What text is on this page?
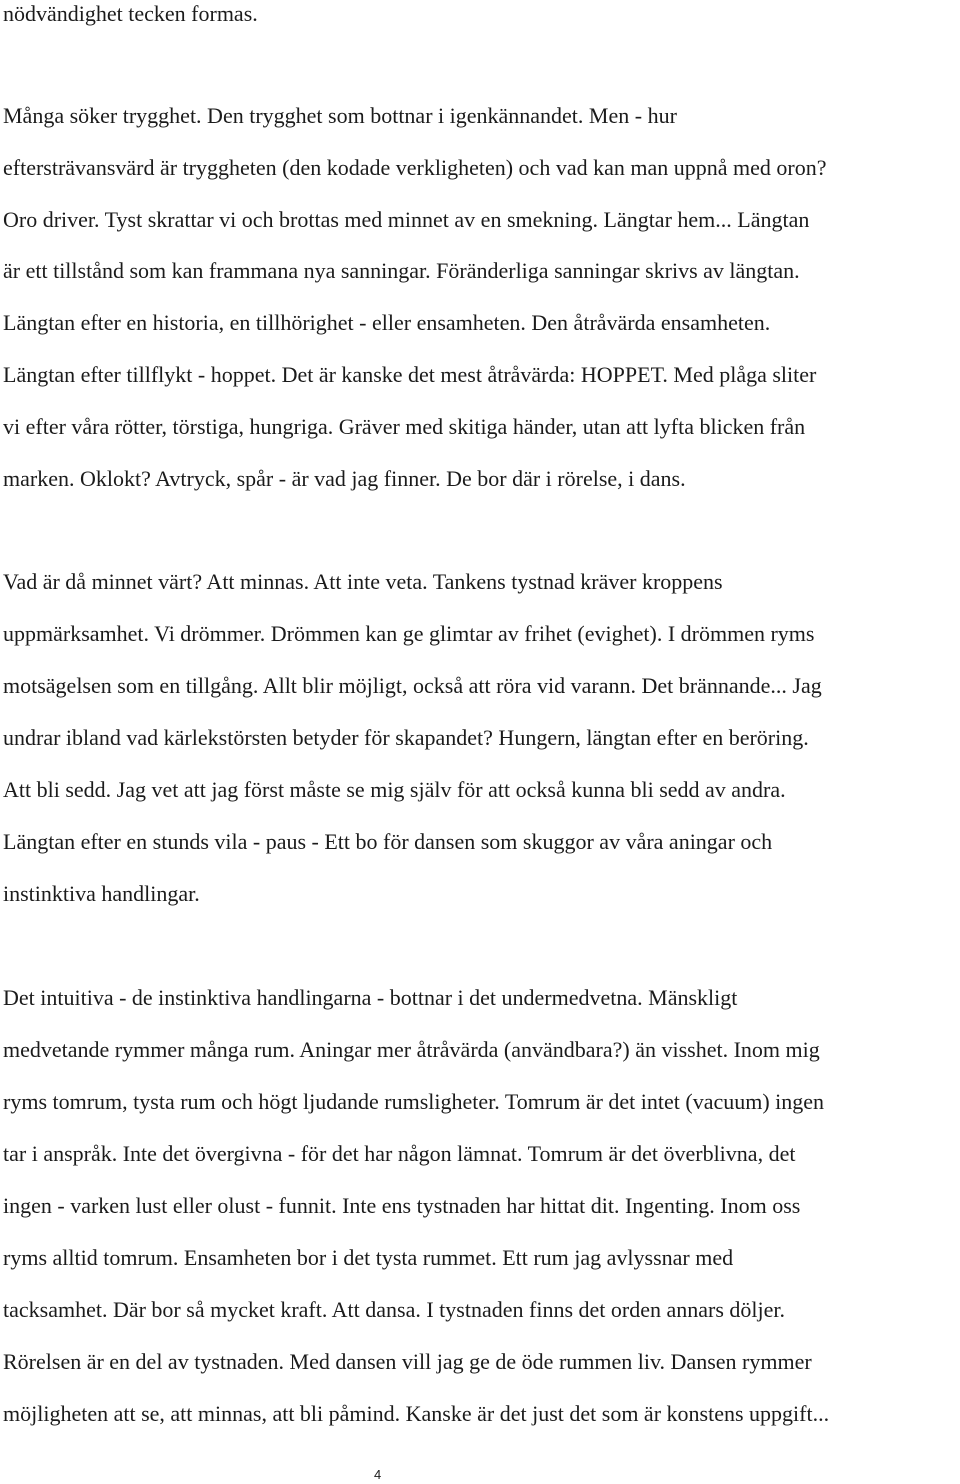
nödvändighet tecken formas.
Många söker trygghet. Den trygghet som bottnar i igenkännandet. Men - hur
eftersträvansvärd är tryggheten (den kodade verkligheten) och vad kan man uppnå med oron?
Oro driver. Tyst skrattar vi och brottas med minnet av en smekning. Längtar hem... Längtan
är ett tillstånd som kan frammana nya sanningar. Föränderliga sanningar skrivs av längtan.
Längtan efter en historia, en tillhörighet - eller ensamheten. Den åtråvärda ensamheten.
Längtan efter tillflykt - hoppet. Det är kanske det mest åtråvärda: HOPPET. Med plåga sliter
vi efter våra rötter, törstiga, hungriga. Gräver med skitiga händer, utan att lyfta blicken från
marken. Oklokt? Avtryck, spår - är vad jag finner. De bor där i rörelse, i dans.
Vad är då minnet värt? Att minnas. Att inte veta. Tankens tystnad kräver kroppens
uppmärksamhet. Vi drömmer. Drömmen kan ge glimtar av frihet (evighet). I drömmen ryms
motsägelsen som en tillgång. Allt blir möjligt, också att röra vid varann. Det brännande... Jag
undrar ibland vad kärlekstörsten betyder för skapandet? Hungern, längtan efter en beröring.
Att bli sedd. Jag vet att jag först måste se mig själv för att också kunna bli sedd av andra.
Längtan efter en stunds vila - paus - Ett bo för dansen som skuggor av våra aningar och
instinktiva handlingar.
Det intuitiva - de instinktiva handlingarna - bottnar i det undermedvetna. Mänskligt
medvetande rymmer många rum. Aningar mer åtråvärda (användbara?) än visshet. Inom mig
ryms tomrum, tysta rum och högt ljudande rumsligheter. Tomrum är det intet (vacuum) ingen
tar i anspråk. Inte det övergivna - för det har någon lämnat. Tomrum är det överblivna, det
ingen - varken lust eller olust - funnit. Inte ens tystnaden har hittat dit. Ingenting. Inom oss
ryms alltid tomrum. Ensamheten bor i det tysta rummet. Ett rum jag avlyssnar med
tacksamhet. Där bor så mycket kraft. Att dansa. I tystnaden finns det orden annars döljer.
Rörelsen är en del av tystnaden. Med dansen vill jag ge de öde rummen liv. Dansen rymmer
möjligheten att se, att minnas, att bli påmind. Kanske är det just det som är konstens uppgift...
4
